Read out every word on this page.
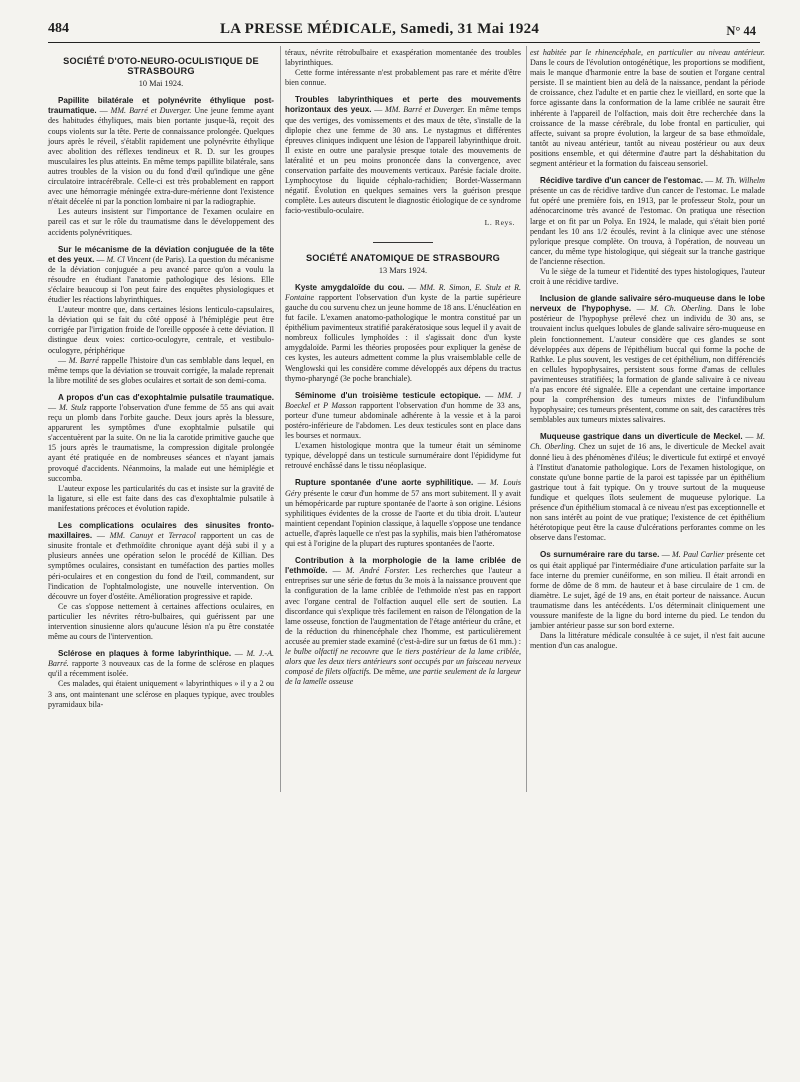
484	LA PRESSE MÉDICALE, Samedi, 31 Mai 1924	N° 44
SOCIÉTÉ D'OTO-NEURO-OCULISTIQUE DE STRASBOURG
10 Mai 1924.

Papillite bilatérale et polynévrite éthylique post-traumatique. — MM. Barré et Duverger. Une jeune femme ayant des habitudes éthyliques, mais bien portante jusque-là, reçoit des coups violents sur la tête. Perte de connaissance prolongée. Quelques jours après le réveil, s'établit rapidement une polynévrite éthylique avec abolition des réflexes tendineux et R. D. sur les groupes musculaires les plus atteints. En même temps papillite bilatérale, sans autres troubles de la vision ou du fond d'œil qu'indique une gêne circulatoire intracérébrale. Celle-ci est très probablement en rapport avec une hémorragie méningée extra-dure-mérienne dont l'existence n'était décelée ni par la ponction lombaire ni par la radiographie.

Les auteurs insistent sur l'importance de l'examen oculaire en pareil cas et sur le rôle du traumatisme dans le développement des accidents polynévritiques.

Sur le mécanisme de la déviation conjuguée de la tête et des yeux. — M. Cl Vincent (de Paris). La question du mécanisme de la déviation conjuguée a peu avancé parce qu'on a voulu la résoudre en étudiant l'anatomie pathologique des lésions. Elle s'éclaire beaucoup si l'on peut faire des enquêtes physiologiques et étudier les réactions labyrinthiques.

L'auteur montre que, dans certaines lésions lenticulo-capsulaires, la déviation qui se fait du côté opposé à l'hémiplégie peut être corrigée par l'irrigation froide de l'oreille opposée à cette déviation. Il distingue deux voies: cortico-oculogyre, centrale, et vestibulo-oculogyre, périphérique

— M. Barré rappelle l'histoire d'un cas semblable dans lequel, en même temps que la déviation se trouvait corrigée, la malade reprenait la libre motilité de ses globes oculaires et sortait de son demi-coma.

A propos d'un cas d'exophtalmie pulsatile traumatique. — M. Stulz rapporte l'observation d'une femme de 55 ans qui avait reçu un plomb dans l'orbite gauche. Deux jours après la blessure, apparurent les symptômes d'une exophtalmie pulsatile qui s'accentuèrent par la suite. On ne lia la carotide primitive gauche que 15 jours après le traumatisme, la compression digitale prolongée ayant été pratiquée en de nombreuses séances et n'ayant jamais provoqué d'accidents. Néanmoins, la malade eut une hémiplégie et succomba.

L'auteur expose les particularités du cas et insiste sur la gravité de la ligature, si elle est faite dans des cas d'exophtalmie pulsatile à manifestations précoces et évolution rapide.

Les complications oculaires des sinusites fronto-maxillaires. — MM. Canuyt et Terracol rapportent un cas de sinusite frontale et d'ethmoïdite chronique ayant déjà subi il y a plusieurs années une opération selon le procédé de Killian. Des symptômes oculaires, consistant en tuméfaction des parties molles péri-oculaires et en congestion du fond de l'œil, commandent, sur l'indication de l'ophtalmologiste, une nouvelle intervention. On découvre un foyer d'ostéite. Amélioration progressive et rapide.

Ce cas s'oppose nettement à certaines affections oculaires, en particulier les névrites rétro-bulbaires, qui guérissent par une intervention sinusienne alors qu'aucune lésion n'a pu être constatée même au cours de l'intervention.

Sclérose en plaques à forme labyrinthique. — M. J.-A. Barré. rapporte 3 nouveaux cas de la forme de sclérose en plaques qu'il a récemment isolée.

Ces malades, qui étaient uniquement « labyrinthiques » il y a 2 ou 3 ans, ont maintenant une sclérose en plaques typique, avec troubles pyramidaux bila-

téraux, névrite rétrobulbaire et exaspération momentanée des troubles labyrinthiques.

Cette forme intéressante n'est probablement pas rare et mérite d'être bien connue.

Troubles labyrinthiques et perte des mouvements horizontaux des yeux. — MM. Barré et Duverger. En même temps que des vertiges, des vomissements et des maux de tête, s'installe de la diplopie chez une femme de 30 ans. Le nystagmus et différentes épreuves cliniques indiquent une lésion de l'appareil labyrinthique droit. Il existe en outre une paralysie presque totale des mouvements de latéralité et un peu moins prononcée dans la convergence, avec conservation parfaite des mouvements verticaux. Parésie faciale droite. Lymphocytose du liquide céphalo-rachidien; Bordet-Wassermann négatif. Évolution en quelques semaines vers la guérison presque complète. Les auteurs discutent le diagnostic étiologique de ce syndrome facio-vestibulo-oculaire.

L. Reys.
SOCIÉTÉ ANATOMIQUE DE STRASBOURG
13 Mars 1924.

Kyste amygdaloïde du cou. — MM. R. Simon, E. Stulz et R. Fontaine rapportent l'observation d'un kyste de la partie supérieure gauche du cou survenu chez un jeune homme de 18 ans. L'énucléation en fut facile. L'examen anatomo-pathologique le montra constitué par un épithélium pavimenteux stratifié parakératosique sous lequel il y avait de nombreux follicules lymphoïdes : il s'agissait donc d'un kyste amygdaloïde. Parmi les théories proposées pour expliquer la genèse de ces kystes, les auteurs admettent comme la plus vraisemblable celle de Wenglowski qui les considère comme développés aux dépens du tractus thymo-pharyngé (3e poche branchiale).

Séminome d'un troisième testicule ectopique. — MM. J Boeckel et P Masson rapportent l'observation d'un homme de 33 ans, porteur d'une tumeur abdominale adhérente à la vessie et à la paroi postéro-inférieure de l'abdomen. Les deux testicules sont en place dans les bourses et normaux.

L'examen histologique montra que la tumeur était un séminome typique, développé dans un testicule surnuméraire dont l'épididyme fut retrouvé enchâssé dans le tissu néoplasique.

Rupture spontanée d'une aorte syphilitique. — M. Louis Géry présente le cœur d'un homme de 57 ans mort subitement. Il y avait un hémopéricarde par rupture spontanée de l'aorte à son origine. Lésions syphilitiques évidentes de la crosse de l'aorte et du tibia droit. L'auteur maintient cependant l'opinion classique, à laquelle s'oppose une tendance actuelle, d'après laquelle ce n'est pas la syphilis, mais bien l'athéromatose qui est à l'origine de la plupart des ruptures spontanées de l'aorte.

Contribution à la morphologie de la lame criblée de l'ethmoïde. — M. André Forster. Les recherches que l'auteur a entreprises sur une série de fœtus du 3e mois à la naissance prouvent que la configuration de la lame criblée de l'ethmoïde n'est pas en rapport avec l'organe central de l'olfaction auquel elle sert de soutien. La discordance qui s'explique très facilement en raison de l'élongation de la lame osseuse, fonction de l'augmentation de l'étage antérieur du crâne, et de la réduction du rhinencéphale chez l'homme, est particulièrement accusée au premier stade examiné (c'est-à-dire sur un fœtus de 61 mm.) : le bulbe olfactif ne recouvre que le tiers postérieur de la lame criblée, alors que les deux tiers antérieurs sont occupés par un faisceau nerveux composé de filets olfactifs. De même, une partie seulement de la largeur de la lamelle osseuse

est habitée par le rhinencéphale, en particulier au niveau antérieur. Dans le cours de l'évolution ontogénétique, les proportions se modifient, mais le manque d'harmonie entre la base de soutien et l'organe central persiste. Il se maintient bien au delà de la naissance, pendant la période de croissance, chez l'adulte et en partie chez le vieillard, en sorte que la force agissante dans la conformation de la lame criblée ne saurait être inhérente à l'appareil de l'olfaction, mais doit être recherchée dans la croissance de la masse cérébrale, du lobe frontal en particulier, qui affecte, suivant sa propre évolution, la largeur de sa base ethmoïdale, tantôt au niveau antérieur, tantôt au niveau postérieur ou aux deux positions ensemble, et qui détermine d'autre part la déshabitation du segment antérieur et la formation du faisceau sensoriel.

Récidive tardive d'un cancer de l'estomac. — M. Th. Wilhelm présente un cas de récidive tardive d'un cancer de l'estomac. Le malade fut opéré une première fois, en 1913, par le professeur Stolz, pour un adénocarcinome très avancé de l'estomac. On pratiqua une résection large et on fit par un Polya. En 1924, le malade, qui s'était bien porté pendant les 10 ans 1/2 écoulés, revint à la clinique avec une sténose pylorique presque complète. On trouva, à l'opération, de nouveau un cancer, du même type histologique, qui siégeait sur la tranche gastrique de l'ancienne résection.

Vu le siège de la tumeur et l'identité des types histologiques, l'auteur croit à une récidive tardive.

Inclusion de glande salivaire séro-muqueuse dans le lobe nerveux de l'hypophyse. — M. Ch. Oberling. Dans le lobe postérieur de l'hypophyse prélevé chez un individu de 30 ans, se trouvaient inclus quelques lobules de glande salivaire séro-muqueuse en plein fonctionnement. L'auteur considère que ces glandes se sont développées aux dépens de l'épithélium buccal qui forme la poche de Rathke. Le plus souvent, les vestiges de cet épithélium, non différenciés en cellules hypophysaires, persistent sous forme d'amas de cellules pavimenteuses stratifiées; la formation de glande salivaire à ce niveau n'a pas encore été signalée. Elle a cependant une certaine importance pour la compréhension des tumeurs mixtes de l'infundibulum hypophysaire; ces tumeurs présentent, comme on sait, des caractères très semblables aux tumeurs mixtes salivaires.

Muqueuse gastrique dans un diverticule de Meckel. — M. Ch. Oberling. Chez un sujet de 16 ans, le diverticule de Meckel avait donné lieu à des phénomènes d'iléus; le diverticule fut extirpé et envoyé à l'Institut d'anatomie pathologique. Lors de l'examen histologique, on constate qu'une bonne partie de la paroi est tapissée par un épithélium gastrique tout à fait typique. On y trouve surtout de la muqueuse fundique et quelques îlots seulement de muqueuse pylorique. La présence d'un épithélium stomacal à ce niveau n'est pas exceptionnelle et non sans intérêt au point de vue pratique; l'existence de cet épithélium hétérotopique peut être la cause d'ulcérations perforantes comme on les observe dans l'estomac.

Os surnuméraire rare du tarse. — M. Paul Carlier présente cet os qui était appliqué par l'intermédiaire d'une articulation parfaite sur la face interne du premier cunéiforme, en son milieu. Il était arrondi en forme de dôme de 8 mm. de hauteur et à base circulaire de 1 cm. de diamètre. Le sujet, âgé de 19 ans, en était porteur de naissance. Aucun traumatisme dans les antécédents. L'os déterminait cliniquement une voussure manifeste de la ligne du bord interne du pied. Le tendon du jambier antérieur passe sur son bord externe.

Dans la littérature médicale consultée à ce sujet, il n'est fait aucune mention d'un cas analogue.
